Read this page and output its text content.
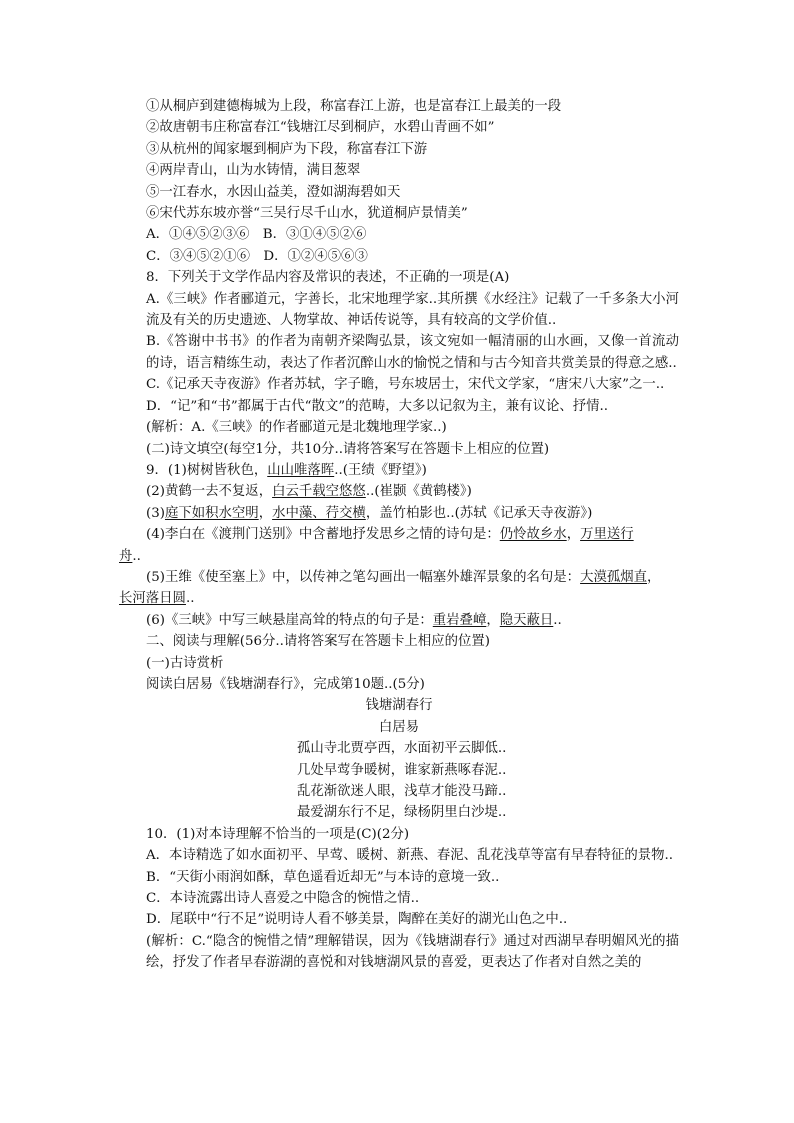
①从桐庐到建德梅城为上段，称富春江上游，也是富春江上最美的一段
②故唐朝韦庄称富春江“钱塘江尽到桐庐，水碧山青画不如”
③从杭州的闻家堰到桐庐为下段，称富春江下游
④两岸青山，山为水铸情，满目葱翠
⑤一江春水，水因山益美，澄如湖海碧如天
⑥宋代苏东坡亦誉“三吴行尽千山水，犹道桐庐景情美”
A．①④⑤②③⑥　B．③①④⑤②⑥
C．③④⑤②①⑥　D．①②④⑤⑥③
8．下列关于文学作品内容及常识的表述，不正确的一项是(A)
A.《三峡》作者郦道元，字善长，北宋地理学家..其所撰《水经注》记载了一千多条大小河流及有关的历史遗迹、人物掌故、神话传说等，具有较高的文学价值..
B.《答谢中书书》的作者为南朝齐梁陶弘景，该文宛如一幅清丽的山水画，又像一首流动的诗，语言精练生动，表达了作者沉醉山水的愉悦之情和与古今知音共赏美景的得意之感..
C.《记承天寺夜游》作者苏轼，字子瞻，号东坡居士，宋代文学家，“唐宋八大家”之一..
D．“记”和“书”都属于古代“散文”的范畴，大多以记叙为主，兼有议论、抒情..
(解析：A.《三峡》的作者郦道元是北魏地理学家..)
(二)诗文填空(每空1分，共10分..请将答案写在答题卡上相应的位置)
9．(1)树树皆秋色，山山唯落晖..(王绩《野望》)
(2)黄鹤一去不复返，白云千载空悠悠..(崔颢《黄鹤楼》)
(3)庭下如积水空明，水中藻、荇交横，盖竹柏影也..(苏轼《记承天寺夜游》)
(4)李白在《渡荆门送别》中含蓄地抒发思乡之情的诗句是：仍怜故乡水，万里送行
舟..
(5)王维《使至塞上》中，以传神之笔勾画出一幅塞外雄浑景象的名句是：大漠孤烟直，
长河落日圆..
(6)《三峡》中写三峡悬崖高耸的特点的句子是：重岩叠嶂，隐天蔽日..
二、阅读与理解(56分..请将答案写在答题卡上相应的位置)
(一)古诗赏析
阅读白居易《钱塘湖春行》，完成第10题..(5分)
钱塘湖春行
白居易
孤山寺北贾亭西，水面初平云脚低..
几处早莺争暖树，谁家新燕啄春泥..
乱花渐欲迷人眼，浅草才能没马蹄..
最爱湖东行不足，绿杨阴里白沙堤..
10．(1)对本诗理解不恰当的一项是(C)(2分)
A．本诗精选了如水面初平、早莺、暖树、新燕、春泥、乱花浅草等富有早春特征的景物..
B．“天街小雨润如酥，草色遥看近却无”与本诗的意境一致..
C．本诗流露出诗人喜爱之中隐含的惋惜之情..
D．尾联中“行不足”说明诗人看不够美景，陶醉在美好的湖光山色之中..
(解析：C.“隐含的惋惜之情”理解错误，因为《钱塘湖春行》通过对西湖早春明媚风光的描绘，抒发了作者早春游湖的喜悦和对钱塘湖风景的喜爱，更表达了作者对自然之美的
